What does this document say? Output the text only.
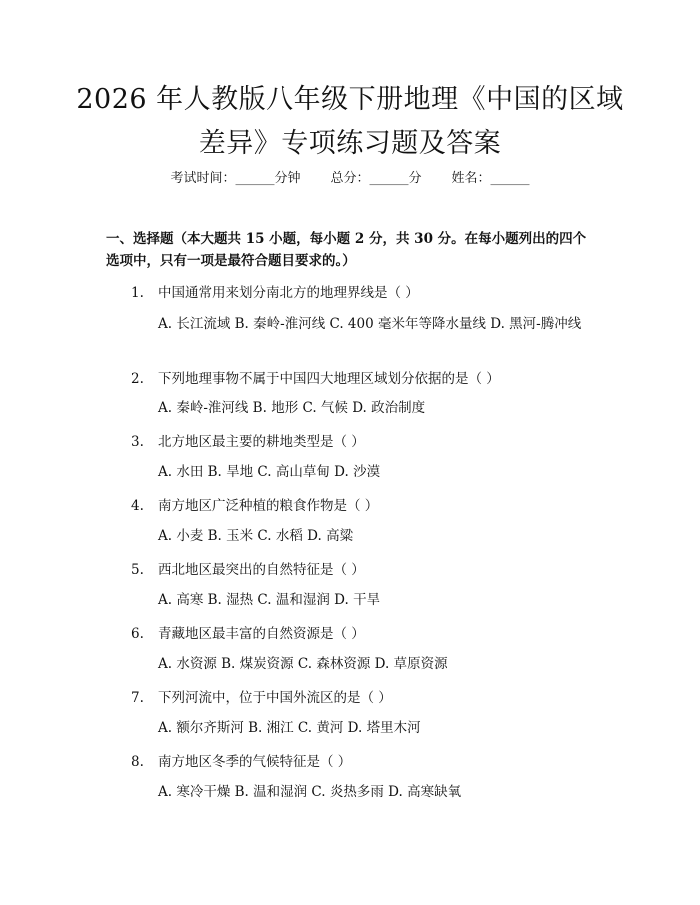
2026 年人教版八年级下册地理《中国的区域
差异》专项练习题及答案
考试时间：______分钟 总分：______分 姓名：______
一、选择题（本大题共 15 小题，每小题 2 分，共 30 分。在每小题列出的四个选项中，只有一项是最符合题目要求的。）
1.	中国通常用来划分南北方的地理界线是（ ）
A. 长江流域 B. 秦岭-淮河线 C. 400 毫米年等降水量线 D. 黑河-腾冲线
2.	下列地理事物不属于中国四大地理区域划分依据的是（ ）
A. 秦岭-淮河线 B. 地形 C. 气候 D. 政治制度
3.	北方地区最主要的耕地类型是（ ）
A. 水田 B. 旱地 C. 高山草甸 D. 沙漠
4.	南方地区广泛种植的粮食作物是（ ）
A. 小麦 B. 玉米 C. 水稻 D. 高粱
5.	西北地区最突出的自然特征是（ ）
A. 高寒 B. 湿热 C. 温和湿润 D. 干旱
6.	青藏地区最丰富的自然资源是（ ）
A. 水资源 B. 煤炭资源 C. 森林资源 D. 草原资源
7.	下列河流中，位于中国外流区的是（ ）
A. 额尔齐斯河 B. 湘江 C. 黄河 D. 塔里木河
8.	南方地区冬季的气候特征是（ ）
A. 寒冷干燥 B. 温和湿润 C. 炎热多雨 D. 高寒缺氧
